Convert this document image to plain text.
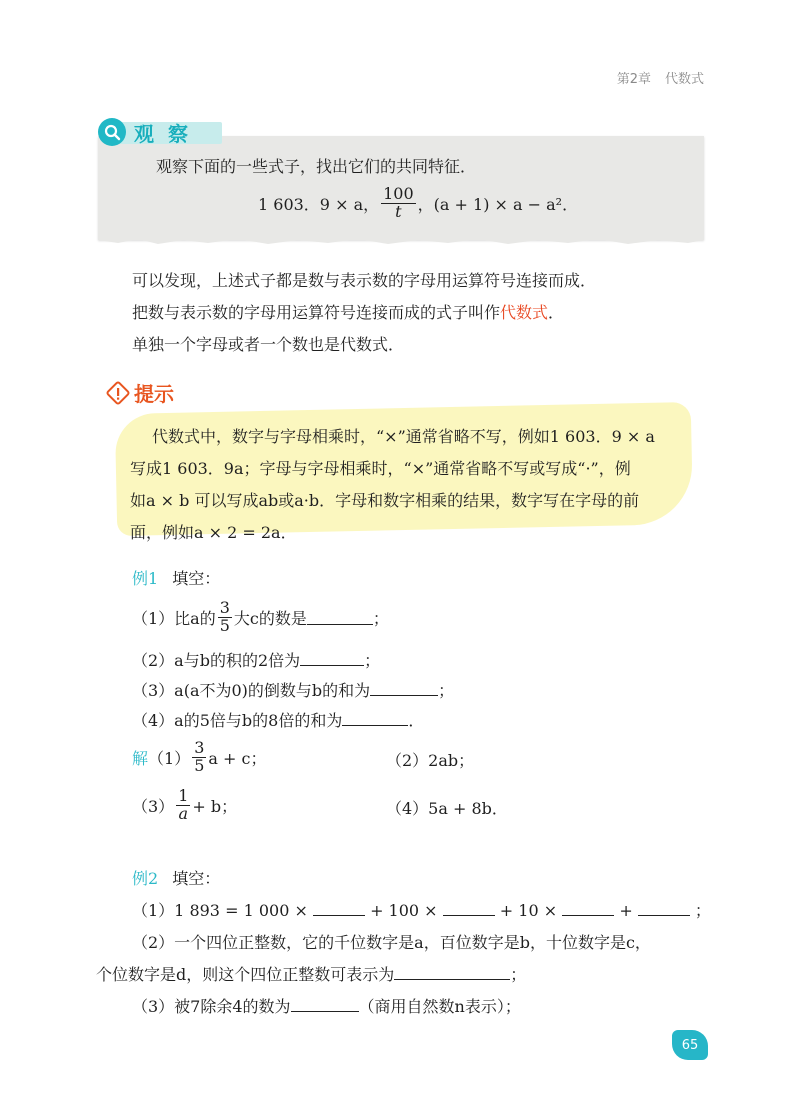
第2章 代数式
观察
观察下面的一些式子，找出它们的共同特征．
1 603．9 × a， $\frac{100}{t}$ ，(a + 1) × a − a²．
可以发现，上述式子都是数与表示数的字母用运算符号连接而成．
把数与表示数的字母用运算符号连接而成的式子叫作代数式．
单独一个字母或者一个数也是代数式．
提示
代数式中，数字与字母相乘时，“×”通常省略不写，例如1 603．9 × a
写成1 603．9a；字母与字母相乘时，“×”通常省略不写或写成“·”，例
如a × b 可以写成ab或a·b．字母和数字相乘的结果，数字写在字母的前
面，例如a × 2 = 2a．
例1 填空：
（1）比a的 $\frac{3}{5}$ 大c的数是	；
（2）a与b的积的2倍为	；
（3）a(a不为0)的倒数与b的和为	；
（4）a的5倍与b的8倍的和为	．
解 $(1) \frac{3}{5}$ a + c；	（2）2ab；
$(3) \frac{1}{a} + b$；	（4）5a + 8b．
例2 填空：
（1）1 893 = 1 000 ×	+ 100 ×	+ 10 ×	+	；
（2）一个四位正整数，它的千位数字是a，百位数字是b，十位数字是c，
个位数字是d，则这个四位正整数可表示为	；
（3）被7除余4的数为	（商用自然数n表示）；
65
